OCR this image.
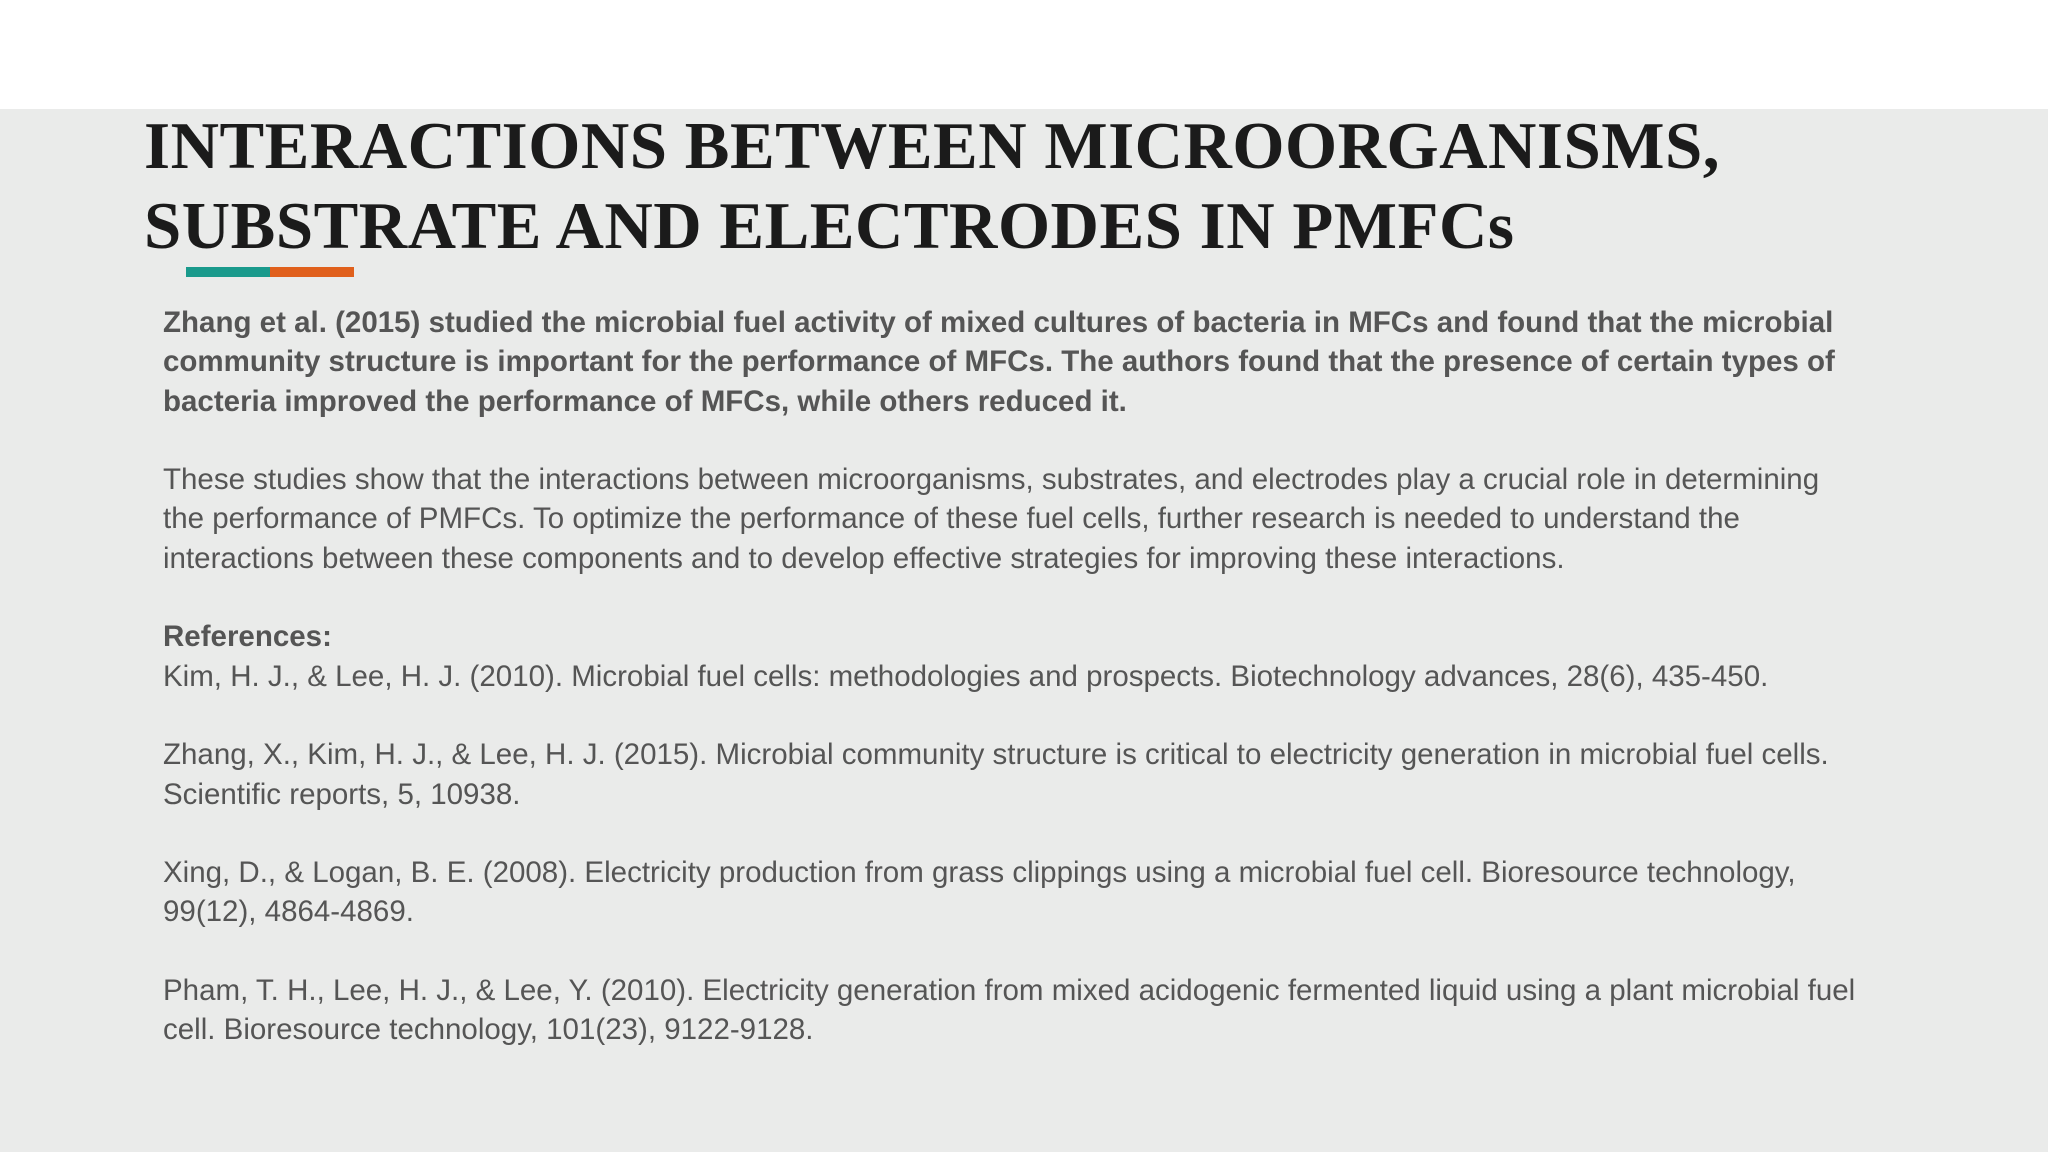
INTERACTIONS BETWEEN MICROORGANISMS,
SUBSTRATE AND ELECTRODES IN PMFCs

Zhang et al. (2015) studied the microbial fuel activity of mixed cultures of bacteria in MFCs and found that the microbial community structure is important for the performance of MFCs. The authors found that the presence of certain types of bacteria improved the performance of MFCs, while others reduced it.

These studies show that the interactions between microorganisms, substrates, and electrodes play a crucial role in determining the performance of PMFCs. To optimize the performance of these fuel cells, further research is needed to understand the interactions between these components and to develop effective strategies for improving these interactions.

References:

Kim, H. J., & Lee, H. J. (2010). Microbial fuel cells: methodologies and prospects. Biotechnology advances, 28(6), 435-450.

Zhang, X., Kim, H. J., & Lee, H. J. (2015). Microbial community structure is critical to electricity generation in microbial fuel cells. Scientific reports, 5, 10938.

Xing, D., & Logan, B. E. (2008). Electricity production from grass clippings using a microbial fuel cell. Bioresource technology, 99(12), 4864-4869.

Pham, T. H., Lee, H. J., & Lee, Y. (2010). Electricity generation from mixed acidogenic fermented liquid using a plant microbial fuel cell. Bioresource technology, 101(23), 9122-9128.
